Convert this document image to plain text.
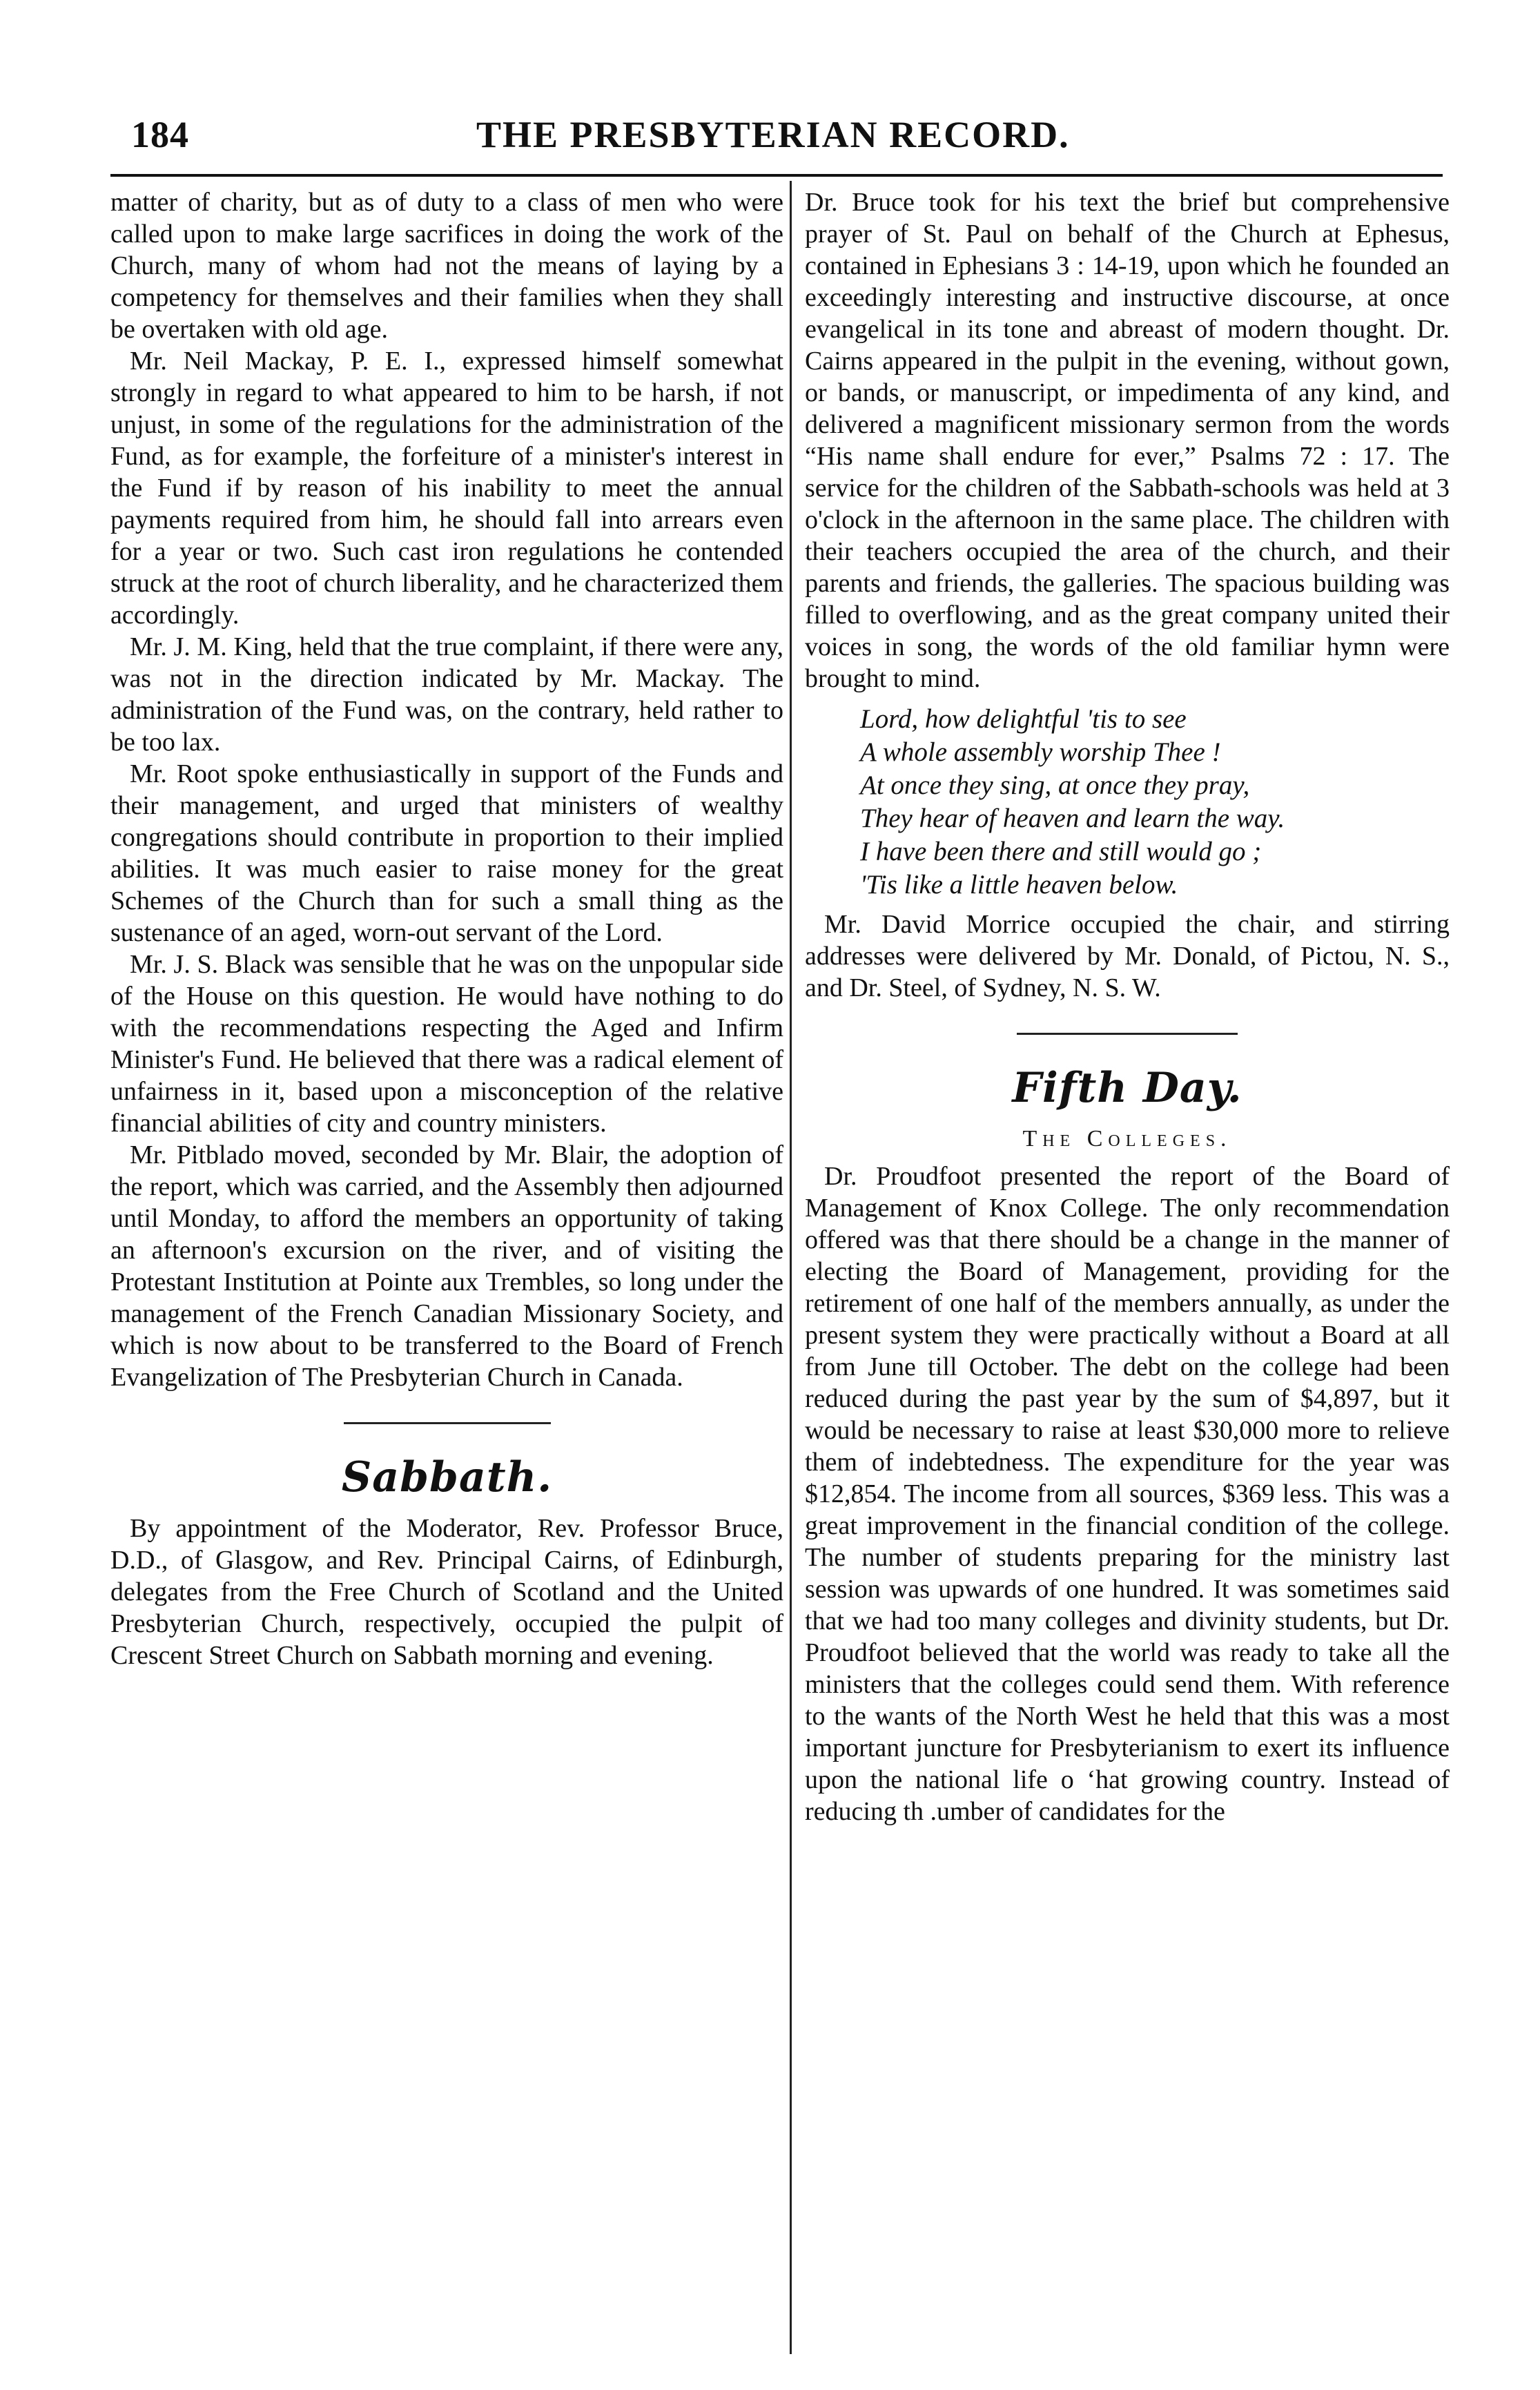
184	THE PRESBYTERIAN RECORD.

matter of charity, but as of duty to a class of men who were called upon to make large sacrifices in doing the work of the Church, many of whom had not the means of laying by a competency for themselves and their families when they shall be overtaken with old age.

Mr. Neil Mackay, P. E. I., expressed himself somewhat strongly in regard to what appeared to him to be harsh, if not unjust, in some of the regulations for the administration of the Fund, as for example, the forfeiture of a minister's interest in the Fund if by reason of his inability to meet the annual payments required from him, he should fall into arrears even for a year or two. Such cast iron regulations he contended struck at the root of church liberality, and he characterized them accordingly.

Mr. J. M. King, held that the true complaint, if there were any, was not in the direction indicated by Mr. Mackay. The administration of the Fund was, on the contrary, held rather to be too lax.

Mr. Root spoke enthusiastically in support of the Funds and their management, and urged that ministers of wealthy congregations should contribute in proportion to their implied abilities. It was much easier to raise money for the great Schemes of the Church than for such a small thing as the sustenance of an aged, worn-out servant of the Lord.

Mr. J. S. Black was sensible that he was on the unpopular side of the House on this question. He would have nothing to do with the recommendations respecting the Aged and Infirm Minister's Fund. He believed that there was a radical element of unfairness in it, based upon a misconception of the relative financial abilities of city and country ministers.

Mr. Pitblado moved, seconded by Mr. Blair, the adoption of the report, which was carried, and the Assembly then adjourned until Monday, to afford the members an opportunity of taking an afternoon's excursion on the river, and of visiting the Protestant Institution at Pointe aux Trembles, so long under the management of the French Canadian Missionary Society, and which is now about to be transferred to the Board of French Evangelization of The Presbyterian Church in Canada.

Sabbath.

By appointment of the Moderator, Rev. Professor Bruce, D.D., of Glasgow, and Rev. Principal Cairns, of Edinburgh, delegates from the Free Church of Scotland and the United Presbyterian Church, respectively, occupied the pulpit of Crescent Street Church on Sabbath morning and evening.

Dr. Bruce took for his text the brief but comprehensive prayer of St. Paul on behalf of the Church at Ephesus, contained in Ephesians 3 : 14-19, upon which he founded an exceedingly interesting and instructive discourse, at once evangelical in its tone and abreast of modern thought. Dr. Cairns appeared in the pulpit in the evening, without gown, or bands, or manuscript, or impedimenta of any kind, and delivered a magnificent missionary sermon from the words “His name shall endure for ever,” Psalms 72 : 17. The service for the children of the Sabbath-schools was held at 3 o'clock in the afternoon in the same place. The children with their teachers occupied the area of the church, and their parents and friends, the galleries. The spacious building was filled to overflowing, and as the great company united their voices in song, the words of the old familiar hymn were brought to mind.

Lord, how delightful 'tis to see
A whole assembly worship Thee !
At once they sing, at once they pray,
They hear of heaven and learn the way.
I have been there and still would go ;
'Tis like a little heaven below.

Mr. David Morrice occupied the chair, and stirring addresses were delivered by Mr. Donald, of Pictou, N. S., and Dr. Steel, of Sydney, N. S. W.

Fifth Day.
The Colleges.

Dr. Proudfoot presented the report of the Board of Management of Knox College. The only recommendation offered was that there should be a change in the manner of electing the Board of Management, providing for the retirement of one half of the members annually, as under the present system they were practically without a Board at all from June till October. The debt on the college had been reduced during the past year by the sum of $4,897, but it would be necessary to raise at least $30,000 more to relieve them of indebtedness. The expenditure for the year was $12,854. The income from all sources, $369 less. This was a great improvement in the financial condition of the college. The number of students preparing for the ministry last session was upwards of one hundred. It was sometimes said that we had too many colleges and divinity students, but Dr. Proudfoot believed that the world was ready to take all the ministers that the colleges could send them. With reference to the wants of the North West he held that this was a most important juncture for Presbyterianism to exert its influence upon the national life o ‘hat growing country. Instead of reducing th .umber of candidates for the
